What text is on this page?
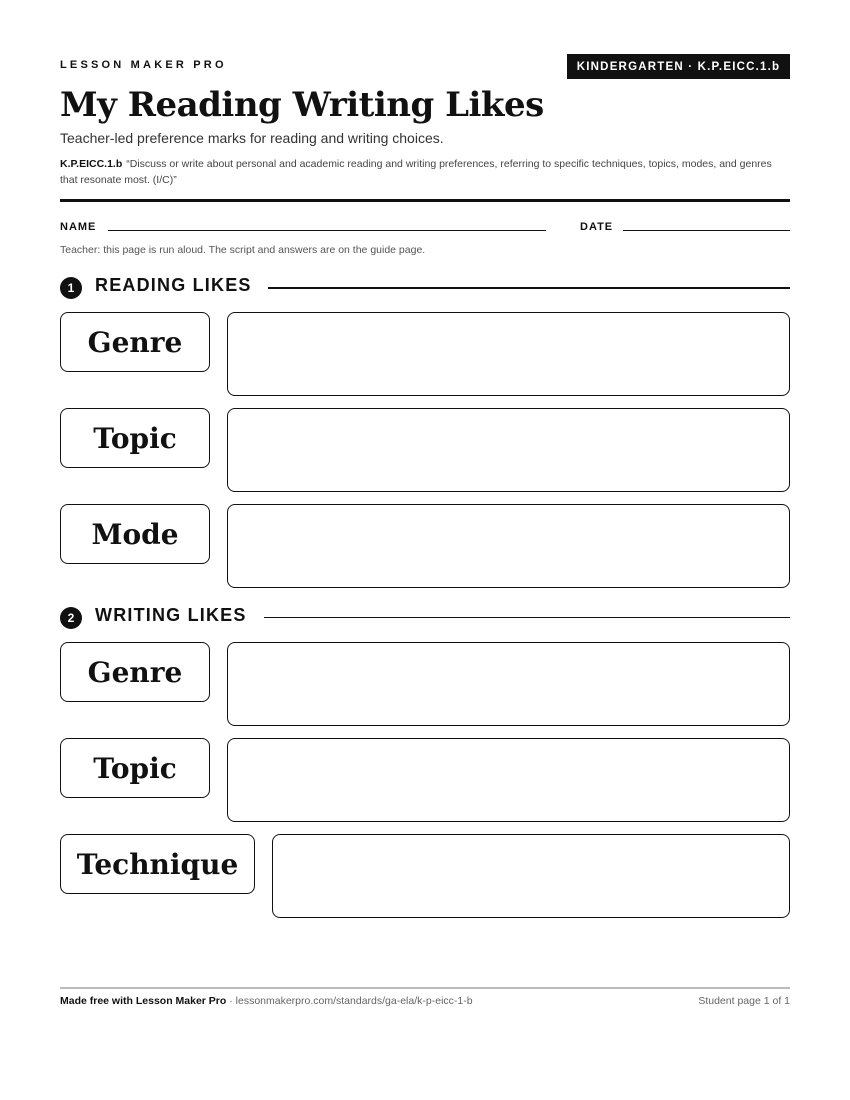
LESSON MAKER PRO	KINDERGARTEN · K.P.EICC.1.b
My Reading Writing Likes
Teacher-led preference marks for reading and writing choices.
K.P.EICC.1.b “Discuss or write about personal and academic reading and writing preferences, referring to specific techniques, topics, modes, and genres that resonate most. (I/C)”
NAME	DATE
Teacher: this page is run aloud. The script and answers are on the guide page.
1	READING LIKES
Genre
Topic
Mode
2	WRITING LIKES
Genre
Topic
Technique
Made free with Lesson Maker Pro · lessonmakerpro.com/standards/ga-ela/k-p-eicc-1-b	Student page 1 of 1
